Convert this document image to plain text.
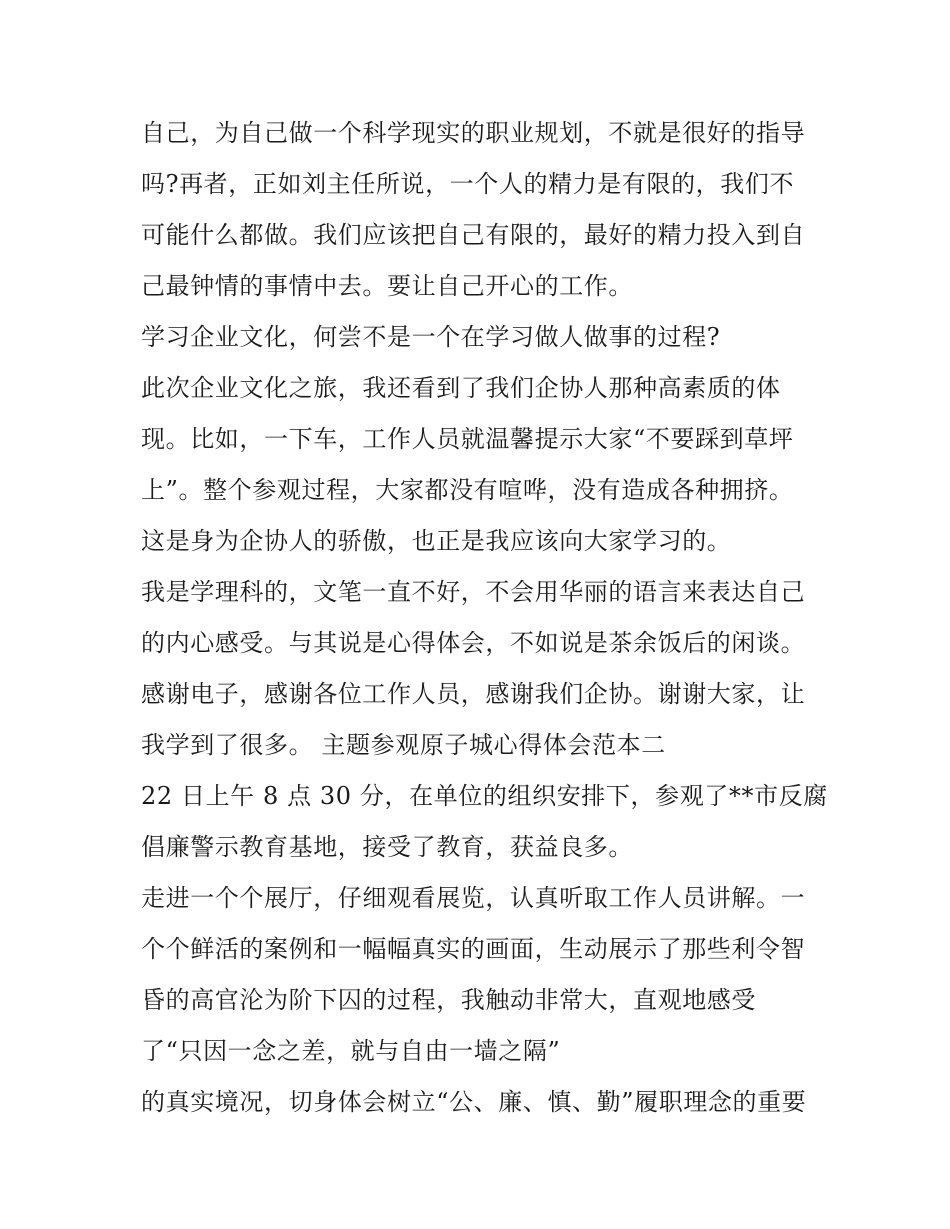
自己，为自己做一个科学现实的职业规划，不就是很好的指导
吗?再者，正如刘主任所说，一个人的精力是有限的，我们不
可能什么都做。我们应该把自己有限的，最好的精力投入到自
己最钟情的事情中去。要让自己开心的工作。
学习企业文化，何尝不是一个在学习做人做事的过程?
此次企业文化之旅，我还看到了我们企协人那种高素质的体
现。比如，一下车，工作人员就温馨提示大家“不要踩到草坪
上”。整个参观过程，大家都没有喧哗，没有造成各种拥挤。
这是身为企协人的骄傲，也正是我应该向大家学习的。
我是学理科的，文笔一直不好，不会用华丽的语言来表达自己
的内心感受。与其说是心得体会，不如说是茶余饭后的闲谈。
感谢电子，感谢各位工作人员，感谢我们企协。谢谢大家，让
我学到了很多。 主题参观原子城心得体会范本二
22 日上午 8 点 30 分，在单位的组织安排下，参观了**市反腐
倡廉警示教育基地，接受了教育，获益良多。
走进一个个展厅，仔细观看展览，认真听取工作人员讲解。一
个个鲜活的案例和一幅幅真实的画面，生动展示了那些利令智
昏的高官沦为阶下囚的过程，我触动非常大，直观地感受
了“只因一念之差，就与自由一墙之隔”
的真实境况，切身体会树立“公、廉、慎、勤”履职理念的重要
